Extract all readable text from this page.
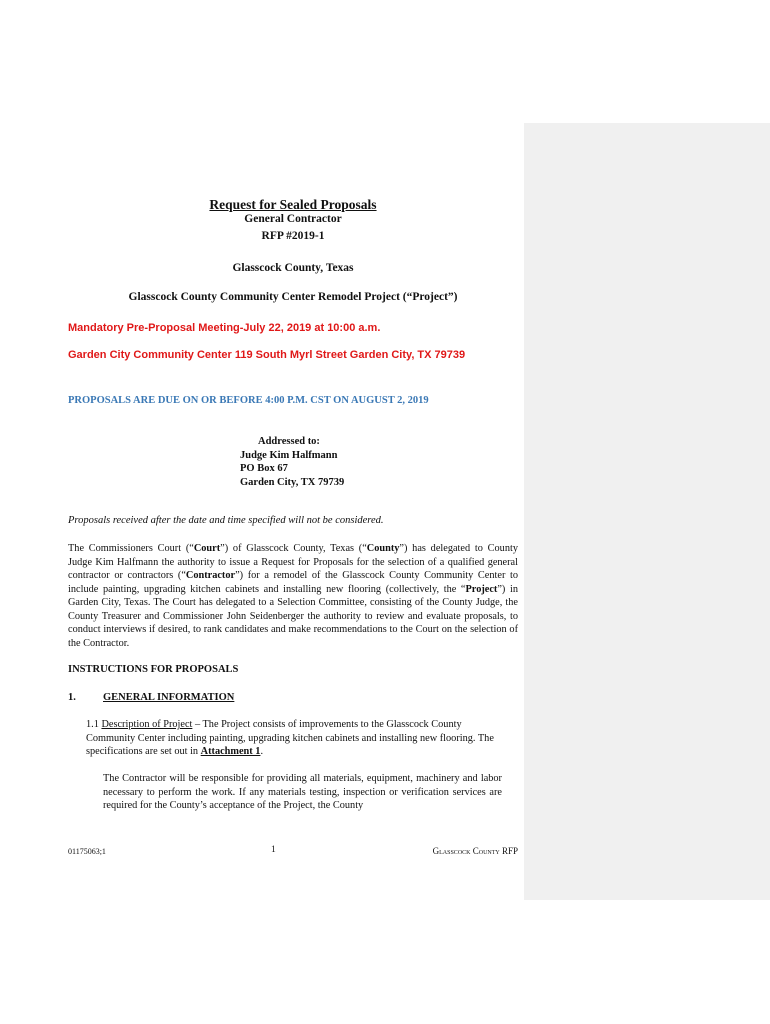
Request for Sealed Proposals
General Contractor
RFP #2019-1
Glasscock County, Texas
Glasscock County Community Center Remodel Project (“Project”)
Mandatory Pre-Proposal Meeting-July 22, 2019 at 10:00 a.m.
Garden City Community Center 119 South Myrl Street Garden City, TX 79739
PROPOSALS ARE DUE ON OR BEFORE 4:00 P.M. CST ON AUGUST 2, 2019
Addressed to:
Judge Kim Halfmann
PO Box 67
Garden City, TX 79739
Proposals received after the date and time specified will not be considered.
The Commissioners Court (“Court”) of Glasscock County, Texas (“County”) has delegated to County Judge Kim Halfmann the authority to issue a Request for Proposals for the selection of a qualified general contractor or contractors (“Contractor”) for a remodel of the Glasscock County Community Center to include painting, upgrading kitchen cabinets and installing new flooring (collectively, the “Project”) in Garden City, Texas. The Court has delegated to a Selection Committee, consisting of the County Judge, the County Treasurer and Commissioner John Seidenberger the authority to review and evaluate proposals, to conduct interviews if desired, to rank candidates and make recommendations to the Court on the selection of the Contractor.
INSTRUCTIONS FOR PROPOSALS
1.	GENERAL INFORMATION
1.1 Description of Project – The Project consists of improvements to the Glasscock County Community Center including painting, upgrading kitchen cabinets and installing new flooring. The specifications are set out in Attachment 1.
The Contractor will be responsible for providing all materials, equipment, machinery and labor necessary to perform the work. If any materials testing, inspection or verification services are required for the County’s acceptance of the Project, the County
01175063;1	1	Glasscock County RFP
